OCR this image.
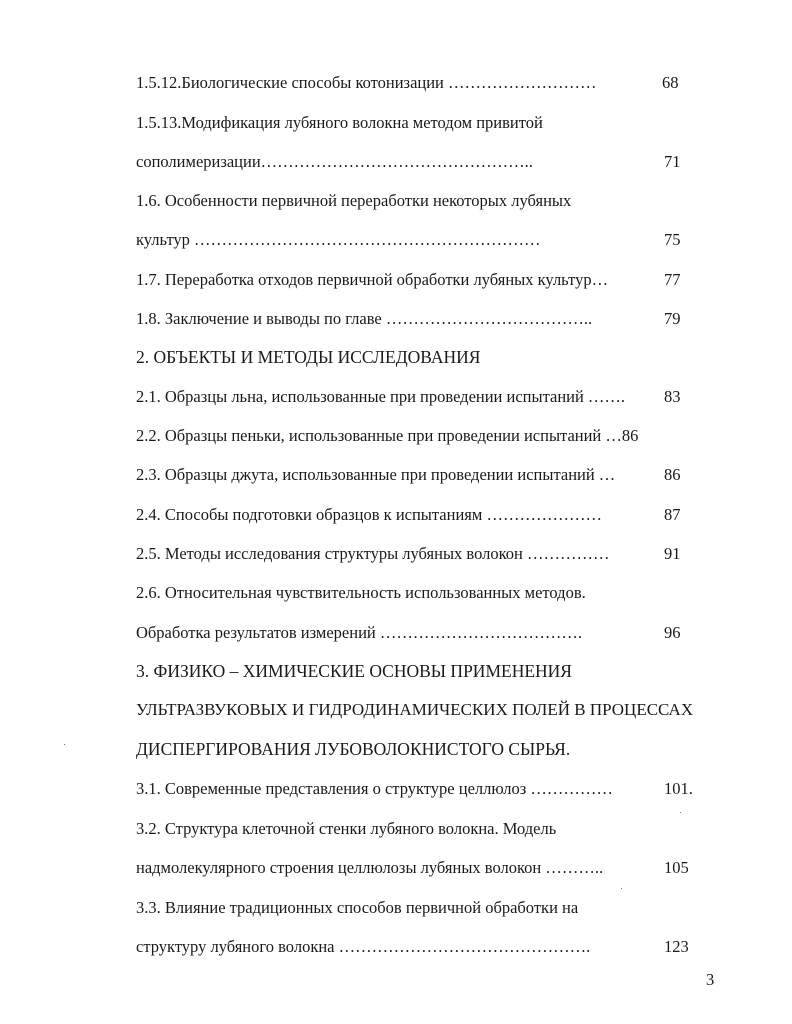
1.5.12.Биологические способы котонизации ………………………	68
1.5.13.Модификация лубяного волокна методом привитой
сополимеризации…………………………………………..	71
1.6. Особенности первичной переработки некоторых лубяных
культур ………………………………………………………	75
1.7. Переработка отходов первичной обработки лубяных культур…	77
1.8. Заключение и выводы по главе ………………………………..	79
2. ОБЪЕКТЫ И МЕТОДЫ ИССЛЕДОВАНИЯ
2.1. Образцы льна, использованные при проведении испытаний ……. 83
2.2. Образцы пеньки, использованные при проведении испытаний …86
2.3. Образцы джута, использованные при проведении испытаний …	86
2.4. Способы подготовки образцов к испытаниям …………………	87
2.5. Методы исследования структуры лубяных волокон ……………	91
2.6. Относительная чувствительность использованных методов.
Обработка результатов измерений ……………………………….	96
3. ФИЗИКО – ХИМИЧЕСКИЕ ОСНОВЫ ПРИМЕНЕНИЯ
УЛЬТРАЗВУКОВЫХ И ГИДРОДИНАМИЧЕСКИХ ПОЛЕЙ В ПРОЦЕССАХ
ДИСПЕРГИРОВАНИЯ ЛУБОВОЛОКНИСТОГО СЫРЬЯ.
3.1. Современные представления о структуре целлюлоз ……………	101.
3.2. Структура клеточной стенки лубяного волокна. Модель
надмолекулярного строения целлюлозы лубяных волокон ………..	105
3.3. Влияние традиционных способов первичной обработки на
структуру лубяного волокна ……………………………………….	123
3
